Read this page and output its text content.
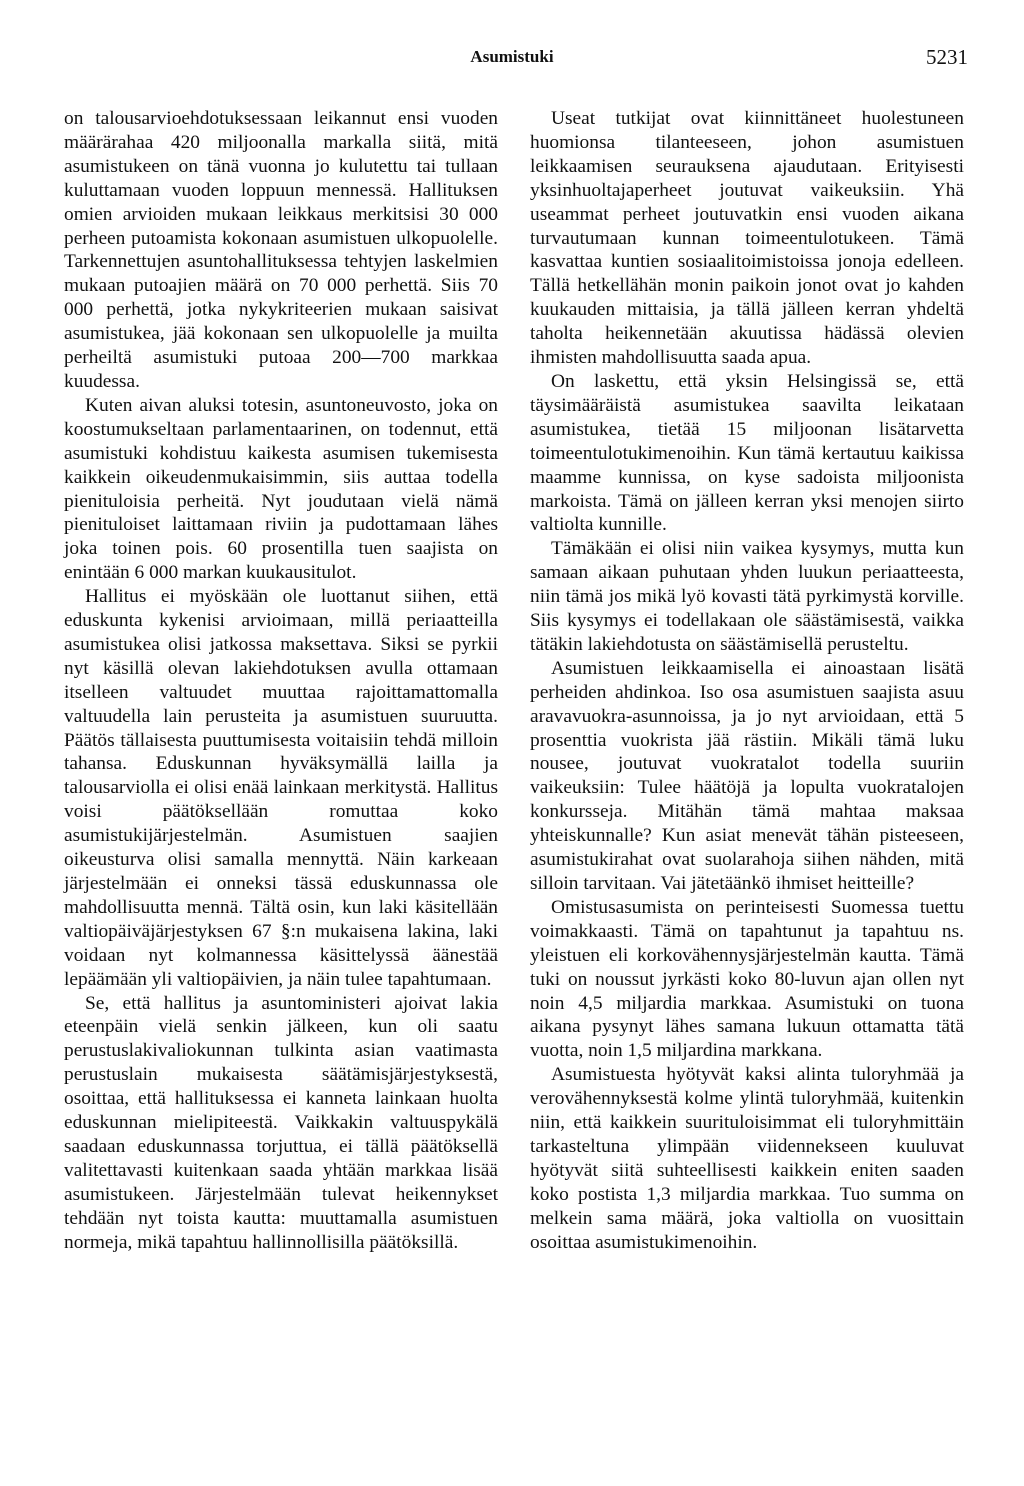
Asumistuki	5231

on talousarvioehdotuksessaan leikannut ensi vuoden määrärahaa 420 miljoonalla markalla siitä, mitä asumistukeen on tänä vuonna jo kulutettu tai tullaan kuluttamaan vuoden loppuun mennessä. Hallituksen omien arvioiden mukaan leikkaus merkitsisi 30 000 perheen putoamista kokonaan asumistuen ulkopuolelle. Tarkennettujen asuntohallituksessa tehtyjen laskelmien mukaan putoajien määrä on 70 000 perhettä. Siis 70 000 perhettä, jotka nykykriteerien mukaan saisivat asumistukea, jää kokonaan sen ulkopuolelle ja muilta perheiltä asumistuki putoaa 200—700 markkaa kuudessa.

Kuten aivan aluksi totesin, asuntoneuvosto, joka on koostumukseltaan parlamentaarinen, on todennut, että asumistuki kohdistuu kaikesta asumisen tukemisesta kaikkein oikeudenmukaisimmin, siis auttaa todella pienituloisia perheitä. Nyt joudutaan vielä nämä pienituloiset laittamaan riviin ja pudottamaan lähes joka toinen pois. 60 prosentilla tuen saajista on enintään 6 000 markan kuukausitulot.

Hallitus ei myöskään ole luottanut siihen, että eduskunta kykenisi arvioimaan, millä periaatteilla asumistukea olisi jatkossa maksettava. Siksi se pyrkii nyt käsillä olevan lakiehdotuksen avulla ottamaan itselleen valtuudet muuttaa rajoittamattomalla valtuudella lain perusteita ja asumistuen suuruutta. Päätös tällaisesta puuttumisesta voitaisiin tehdä milloin tahansa. Eduskunnan hyväksymällä lailla ja talousarviolla ei olisi enää lainkaan merkitystä. Hallitus voisi päätöksellään romuttaa koko asumistukijärjestelmän. Asumistuen saajien oikeusturva olisi samalla mennyttä. Näin karkeaan järjestelmään ei onneksi tässä eduskunnassa ole mahdollisuutta mennä. Tältä osin, kun laki käsitellään valtiopäiväjärjestyksen 67 §:n mukaisena lakina, laki voidaan nyt kolmannessa käsittelyssä äänestää lepäämään yli valtiopäivien, ja näin tulee tapahtumaan.

Se, että hallitus ja asuntoministeri ajoivat lakia eteenpäin vielä senkin jälkeen, kun oli saatu perustuslakivaliokunnan tulkinta asian vaatimasta perustuslain mukaisesta säätämisjärjestyksestä, osoittaa, että hallituksessa ei kanneta lainkaan huolta eduskunnan mielipiteestä. Vaikkakin valtuuspykälä saadaan eduskunnassa torjuttua, ei tällä päätöksellä valitettavasti kuitenkaan saada yhtään markkaa lisää asumistukeen. Järjestelmään tulevat heikennykset tehdään nyt toista kautta: muuttamalla asumistuen normeja, mikä tapahtuu hallinnollisilla päätöksillä.

Useat tutkijat ovat kiinnittäneet huolestuneen huomionsa tilanteeseen, johon asumistuen leikkaamisen seurauksena ajaudutaan. Erityisesti yksinhuoltajaperheet joutuvat vaikeuksiin. Yhä useammat perheet joutuvatkin ensi vuoden aikana turvautumaan kunnan toimeentulotukeen. Tämä kasvattaa kuntien sosiaalitoimistoissa jonoja edelleen. Tällä hetkellähän monin paikoin jonot ovat jo kahden kuukauden mittaisia, ja tällä jälleen kerran yhdeltä taholta heikennetään akuutissa hädässä olevien ihmisten mahdollisuutta saada apua.

On laskettu, että yksin Helsingissä se, että täysimääräistä asumistukea saavilta leikataan asumistukea, tietää 15 miljoonan lisätarvetta toimeentulotukimenoihin. Kun tämä kertautuu kaikissa maamme kunnissa, on kyse sadoista miljoonista markoista. Tämä on jälleen kerran yksi menojen siirto valtiolta kunnille.

Tämäkään ei olisi niin vaikea kysymys, mutta kun samaan aikaan puhutaan yhden luukun periaatteesta, niin tämä jos mikä lyö kovasti tätä pyrkimystä korville. Siis kysymys ei todellakaan ole säästämisestä, vaikka tätäkin lakiehdotusta on säästämisellä perusteltu.

Asumistuen leikkaamisella ei ainoastaan lisätä perheiden ahdinkoa. Iso osa asumistuen saajista asuu aravavuokra-asunnoissa, ja jo nyt arvioidaan, että 5 prosenttia vuokrista jää rästiin. Mikäli tämä luku nousee, joutuvat vuokratalot todella suuriin vaikeuksiin: Tulee häätöjä ja lopulta vuokratalojen konkursseja. Mitähän tämä mahtaa maksaa yhteiskunnalle? Kun asiat menevät tähän pisteeseen, asumistukirahat ovat suolarahoja siihen nähden, mitä silloin tarvitaan. Vai jätetäänkö ihmiset heitteille?

Omistusasumista on perinteisesti Suomessa tuettu voimakkaasti. Tämä on tapahtunut ja tapahtuu ns. yleistuen eli korkovähennysjärjestelmän kautta. Tämä tuki on noussut jyrkästi koko 80-luvun ajan ollen nyt noin 4,5 miljardia markkaa. Asumistuki on tuona aikana pysynyt lähes samana lukuun ottamatta tätä vuotta, noin 1,5 miljardina markkana.

Asumistuesta hyötyvät kaksi alinta tuloryhmää ja verovähennyksestä kolme ylintä tuloryhmää, kuitenkin niin, että kaikkein suurituloisimmat eli tuloryhmittäin tarkasteltuna ylimpään viidennekseen kuuluvat hyötyvät siitä suhteellisesti kaikkein eniten saaden koko postista 1,3 miljardia markkaa. Tuo summa on melkein sama määrä, joka valtiolla on vuosittain osoittaa asumistukimenoihin.
